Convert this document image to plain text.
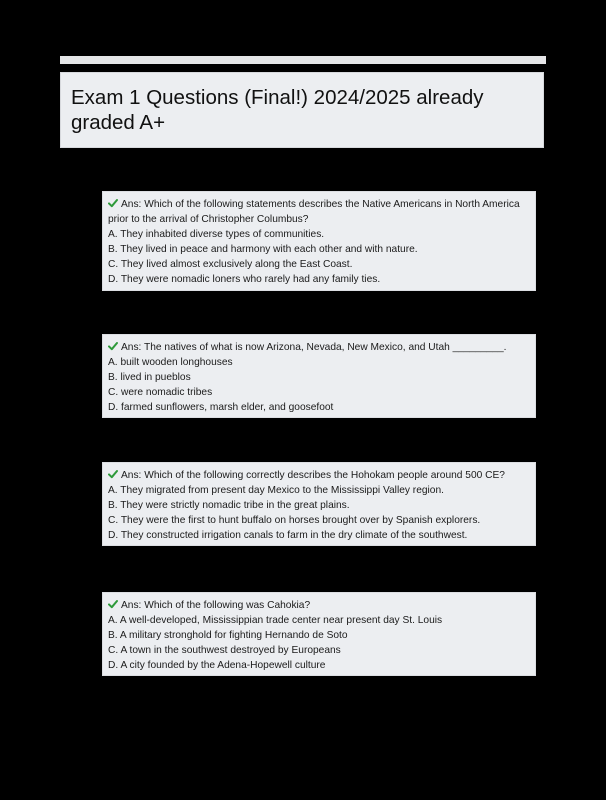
Exam 1 Questions (Final!) 2024/2025 already graded A+

Ans: Which of the following statements describes the Native Americans in North America prior to the arrival of Christopher Columbus?

A. They inhabited diverse types of communities.

B. They lived in peace and harmony with each other and with nature.

C. They lived almost exclusively along the East Coast.

D. They were nomadic loners who rarely had any family ties.

Ans: The natives of what is now Arizona, Nevada, New Mexico, and Utah _________.

A. built wooden longhouses

B. lived in pueblos

C. were nomadic tribes

D. farmed sunflowers, marsh elder, and goosefoot

Ans: Which of the following correctly describes the Hohokam people around 500 CE?

A. They migrated from present day Mexico to the Mississippi Valley region.

B. They were strictly nomadic tribe in the great plains.

C. They were the first to hunt buffalo on horses brought over by Spanish explorers.

D. They constructed irrigation canals to farm in the dry climate of the southwest.

Ans: Which of the following was Cahokia?

A. A well-developed, Mississippian trade center near present day St. Louis

B. A military stronghold for fighting Hernando de Soto

C. A town in the southwest destroyed by Europeans

D. A city founded by the Adena-Hopewell culture
